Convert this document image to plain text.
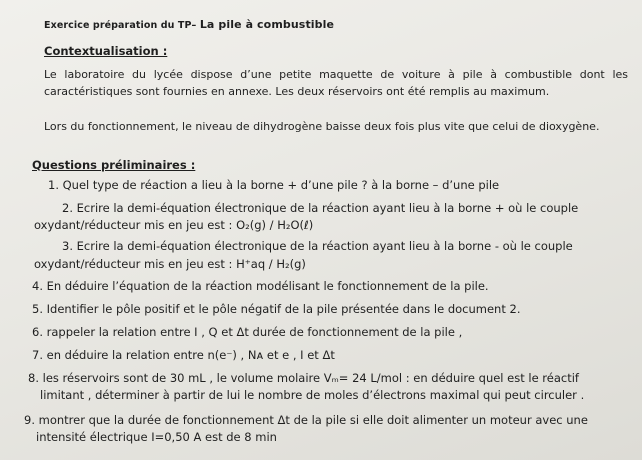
Exercice préparation du TP– La pile à combustible
Contextualisation :
Le laboratoire du lycée dispose d’une petite maquette de voiture à pile à combustible dont les caractéristiques sont fournies en annexe. Les deux réservoirs ont été remplis au maximum.
Lors du fonctionnement, le niveau de dihydrogène baisse deux fois plus vite que celui de dioxygène.
Questions préliminaires :
1. Quel type de réaction a lieu à la borne + d’une pile ? à la borne – d’une pile
2. Ecrire la demi-équation électronique de la réaction ayant lieu à la borne + où le couple
oxydant/réducteur mis en jeu est : O₂(g) / H₂O(ℓ)
3. Ecrire la demi-équation électronique de la réaction ayant lieu à la borne - où le couple
oxydant/réducteur mis en jeu est : H⁺aq / H₂(g)
4. En déduire l’équation de la réaction modélisant le fonctionnement de la pile.
5. Identifier le pôle positif et le pôle négatif de la pile présentée dans le document 2.
6. rappeler la relation entre I , Q et Δt durée de fonctionnement de la pile ,
7. en déduire la relation entre n(e⁻) , Nᴀ et e , I et Δt
8. les réservoirs sont de 30 mL , le volume molaire Vₘ= 24 L/mol : en déduire quel est le réactif
limitant , déterminer à partir de lui le nombre de moles d’électrons maximal qui peut circuler .
9. montrer que la durée de fonctionnement Δt de la pile si elle doit alimenter un moteur avec une
intensité électrique I=0,50 A est de 8 min
